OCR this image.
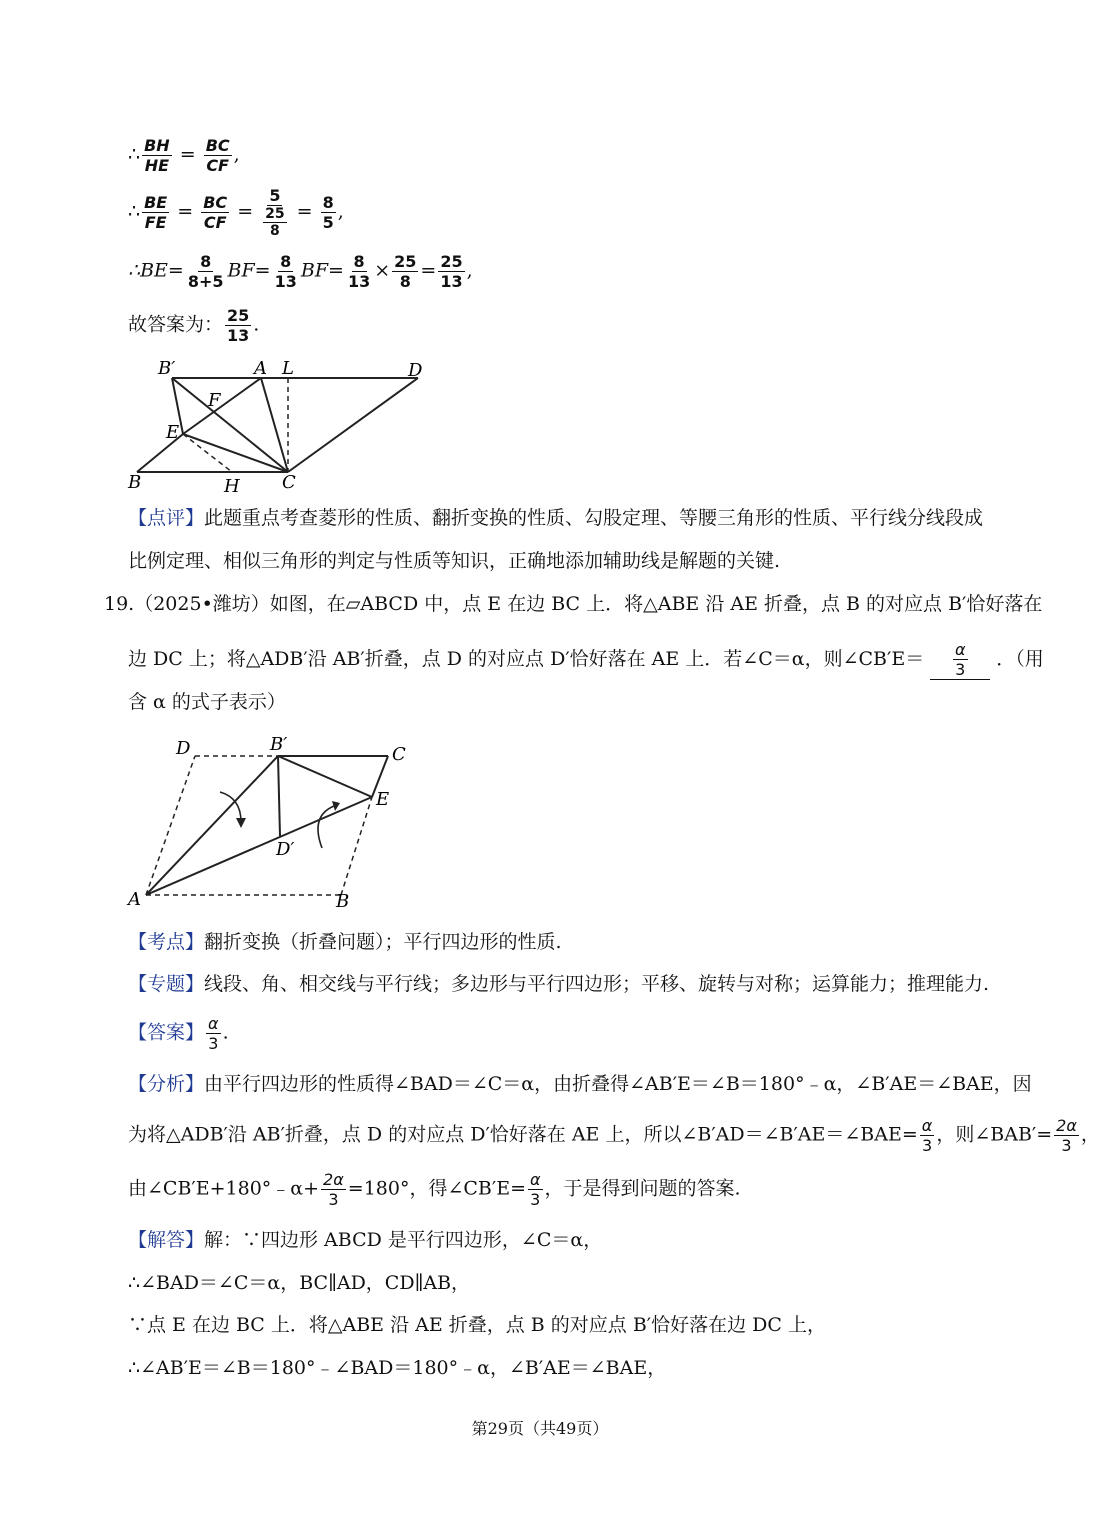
∴ $\frac{BH}{HE} = \frac{BC}{CF}$ ,
∴ $\frac{BE}{FE} = \frac{BC}{CF} = \frac{5}{\frac{25}{8}} = \frac{8}{5}$ ,
∴BE= $\frac{8}{8+5} BF= \frac{8}{13} BF= \frac{8}{13} \times \frac{25}{8} = \frac{25}{13}$ ,
故答案为： $\frac{25}{13}$ .
B′	A L	D
F
E
B	H C
【点评】此题重点考查菱形的性质、翻折变换的性质、勾股定理、等腰三角形的性质、平行线分线段成
比例定理、相似三角形的判定与性质等知识，正确地添加辅助线是解题的关键.
19.（2025•潍坊）如图，在▱ABCD 中，点 E 在边 BC 上．将△ABE 沿 AE 折叠，点 B 的对应点 B′恰好落在
边 DC 上；将△ADB′沿 AB′折叠，点 D 的对应点 D′恰好落在 AE 上．若∠C＝α，则∠CB′E＝ $\frac{\alpha}{3}$ ．（用
含 α 的式子表示）
D	B′	C
E
D′
A	B
【考点】翻折变换（折叠问题）；平行四边形的性质.
【专题】线段、角、相交线与平行线；多边形与平行四边形；平移、旋转与对称；运算能力；推理能力.
【答案】 $\frac{\alpha}{3}$ .
【分析】由平行四边形的性质得∠BAD＝∠C＝α，由折叠得∠AB′E＝∠B＝180°﹣α，∠B′AE＝∠BAE，因
为将△ADB′沿 AB′折叠，点 D 的对应点 D′恰好落在 AE 上，所以∠B′AD＝∠B′AE＝∠BAE= $\frac{\alpha}{3}$ ，则∠BAB′= $\frac{2\alpha}{3}$ ，
由∠CB′E+180°﹣α+ $\frac{2\alpha}{3} =180^\circ$，得∠CB′E= $\frac{\alpha}{3}$ ，于是得到问题的答案.
【解答】解：∵四边形 ABCD 是平行四边形，∠C＝α，
∴∠BAD＝∠C＝α，BC∥AD，CD∥AB，
∵点 E 在边 BC 上．将△ABE 沿 AE 折叠，点 B 的对应点 B′恰好落在边 DC 上，
∴∠AB′E＝∠B＝180°﹣∠BAD＝180°﹣α，∠B′AE＝∠BAE，
第29页（共49页）
